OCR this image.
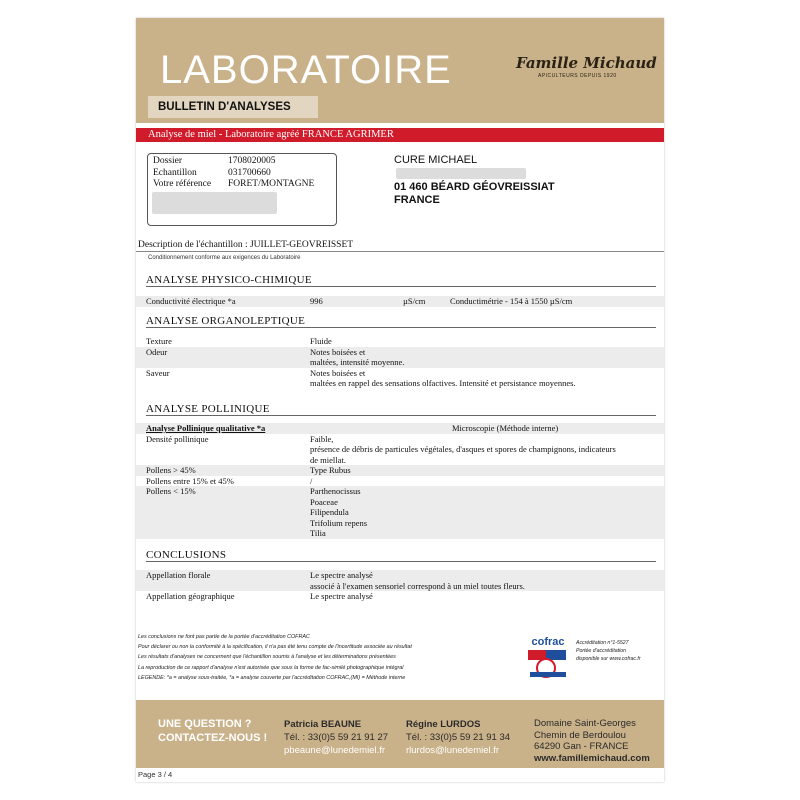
LABORATOIRE	Famille Michaud
APICULTEURS DEPUIS 1920
BULLETIN D'ANALYSES
Analyse de miel - Laboratoire agréé FRANCE AGRIMER
Dossier	1708020005
Echantillon	031700660
Votre référence FORET/MONTAGNE
CURE MICHAEL
01 460 BÉARD GÉOVREISSIAT
FRANCE
Description de l'échantillon : JUILLET-GEOVREISSET
Conditionnement conforme aux exigences du Laboratoire
ANALYSE PHYSICO-CHIMIQUE
Conductivité électrique *a	996	µS/cm	Conductimétrie - 154 à 1550 µS/cm
ANALYSE ORGANOLEPTIQUE
Texture	Fluide
Odeur	Notes boisées et
maltées, intensité moyenne.
Saveur	Notes boisées et
maltées en rappel des sensations olfactives. Intensité et persistance moyennes.
ANALYSE POLLINIQUE
Analyse Pollinique qualitative *a	Microscopie (Méthode interne)
Densité pollinique	Faible,
présence de débris de particules végétales, d'asques et spores de champignons, indicateurs
de miellat.
Pollens > 45%	Type Rubus
Pollens entre 15% et 45%	/
Pollens < 15%	Parthenocissus
Poaceae
Filipendula
Trifolium repens
Tilia
CONCLUSIONS
Appellation florale	Le spectre analysé
associé à l'examen sensoriel correspond à un miel toutes fleurs.
Appellation géographique	Le spectre analysé
Les conclusions ne font pas partie de la portée d'accréditation COFRAC
Pour déclarer ou non la conformité à la spécification, il n'a pas été tenu compte de l'incertitude associée au résultat
Les résultats d'analyses ne concernent que l'échantillon soumis à l'analyse et les déterminations présentées
La reproduction de ce rapport d'analyse n'est autorisée que sous la forme de fac-similé photographique intégral
LEGENDE: *a = analyse sous-traitée, *a = analyse couverte par l'accréditation COFRAC,(MI) = Méthode interne
cofrac Accréditation n°1-5527
Portée d'accréditation
disponible sur www.cofrac.fr
UNE QUESTION ?
CONTACTEZ-NOUS !
Patricia BEAUNE
Tél. : 33(0)5 59 21 91 27
pbeaune@lunedemiel.fr
Régine LURDOS
Tél. : 33(0)5 59 21 91 34
rlurdos@lunedemiel.fr
Domaine Saint-Georges
Chemin de Berdoulou
64290 Gan - FRANCE
www.famillemichaud.com
Page 3 / 4
